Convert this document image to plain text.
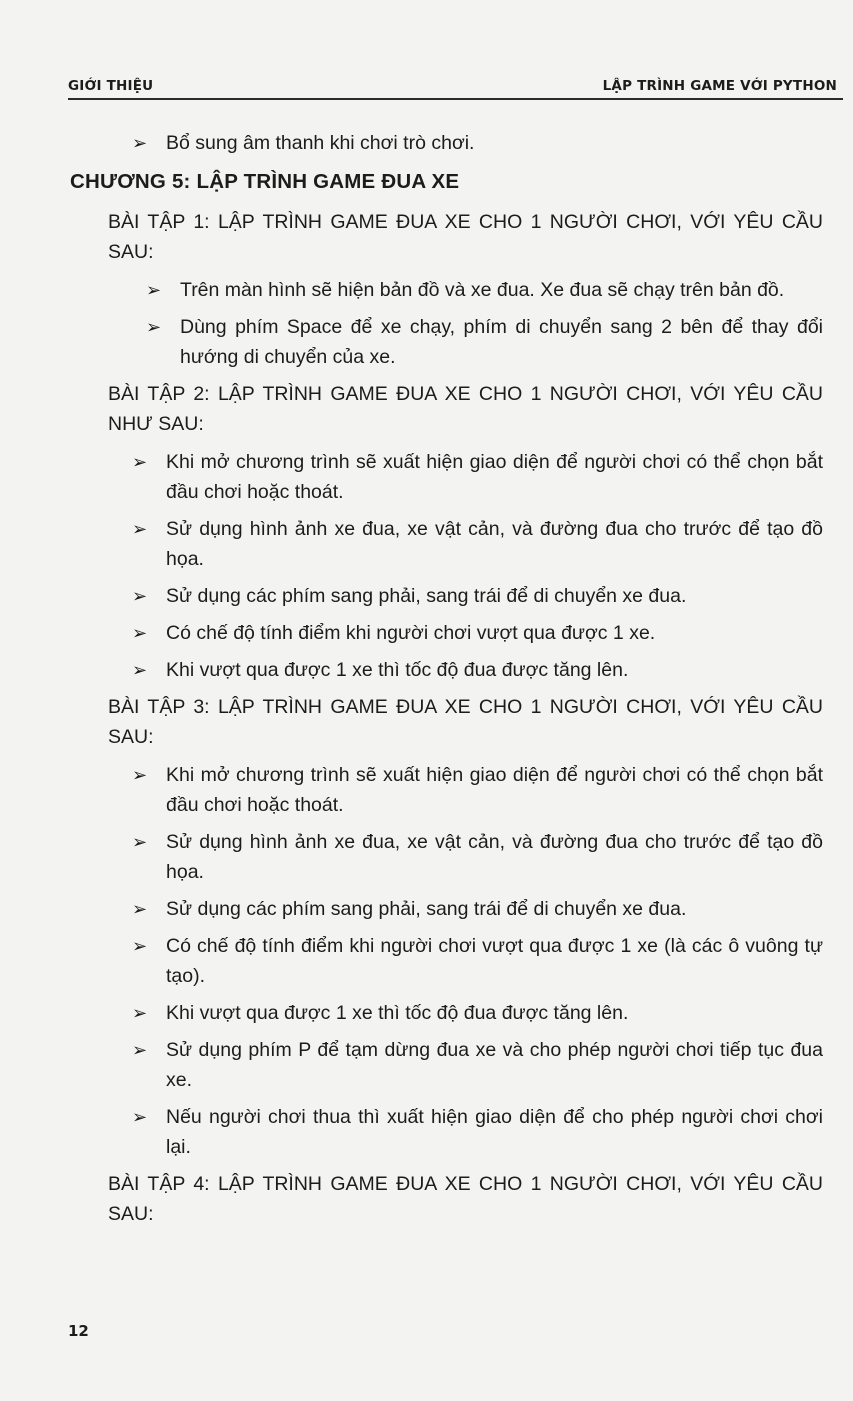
GIỚI THIỆU	LẬP TRÌNH GAME VỚI PYTHON
➢ Bổ sung âm thanh khi chơi trò chơi.
CHƯƠNG 5: LẬP TRÌNH GAME ĐUA XE
BÀI TẬP 1: LẬP TRÌNH GAME ĐUA XE CHO 1 NGƯỜI CHƠI, VỚI YÊU CẦU SAU:
➢ Trên màn hình sẽ hiện bản đồ và xe đua. Xe đua sẽ chạy trên bản đồ.
➢ Dùng phím Space để xe chạy, phím di chuyển sang 2 bên để thay đổi hướng di chuyển của xe.
BÀI TẬP 2: LẬP TRÌNH GAME ĐUA XE CHO 1 NGƯỜI CHƠI, VỚI YÊU CẦU NHƯ SAU:
➢ Khi mở chương trình sẽ xuất hiện giao diện để người chơi có thể chọn bắt đầu chơi hoặc thoát.
➢ Sử dụng hình ảnh xe đua, xe vật cản, và đường đua cho trước để tạo đồ họa.
➢ Sử dụng các phím sang phải, sang trái để di chuyển xe đua.
➢ Có chế độ tính điểm khi người chơi vượt qua được 1 xe.
➢ Khi vượt qua được 1 xe thì tốc độ đua được tăng lên.
BÀI TẬP 3: LẬP TRÌNH GAME ĐUA XE CHO 1 NGƯỜI CHƠI, VỚI YÊU CẦU SAU:
➢ Khi mở chương trình sẽ xuất hiện giao diện để người chơi có thể chọn bắt đầu chơi hoặc thoát.
➢ Sử dụng hình ảnh xe đua, xe vật cản, và đường đua cho trước để tạo đồ họa.
➢ Sử dụng các phím sang phải, sang trái để di chuyển xe đua.
➢ Có chế độ tính điểm khi người chơi vượt qua được 1 xe (là các ô vuông tự tạo).
➢ Khi vượt qua được 1 xe thì tốc độ đua được tăng lên.
➢ Sử dụng phím P để tạm dừng đua xe và cho phép người chơi tiếp tục đua xe.
➢ Nếu người chơi thua thì xuất hiện giao diện để cho phép người chơi chơi lại.
BÀI TẬP 4: LẬP TRÌNH GAME ĐUA XE CHO 1 NGƯỜI CHƠI, VỚI YÊU CẦU SAU:
12
